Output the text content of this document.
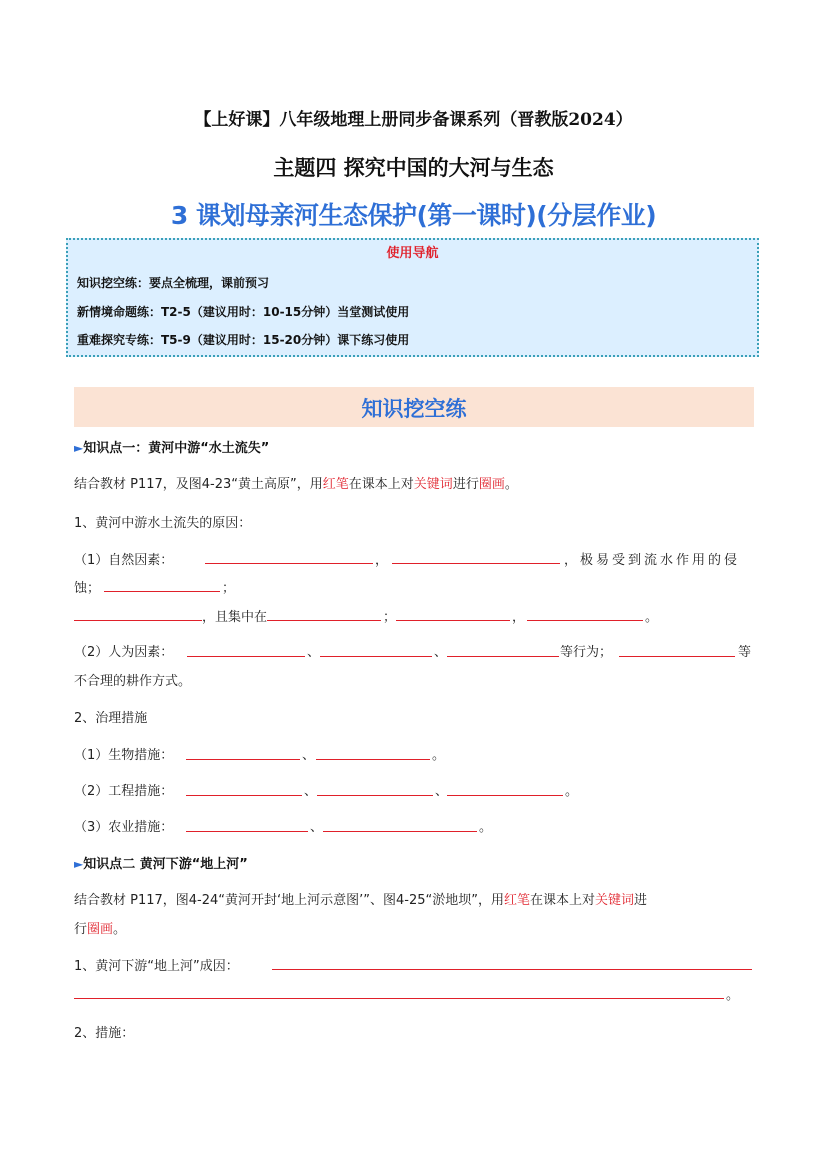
【上好课】八年级地理上册同步备课系列（晋教版2024）
主题四 探究中国的大河与生态
3 课划母亲河生态保护(第一课时)(分层作业)
使用导航
知识挖空练：要点全梳理，课前预习
新情境命题练：T2-5（建议用时：10-15分钟）当堂测试使用
重难探究专练：T5-9（建议用时：15-20分钟）课下练习使用
知识挖空练
►知识点一：黄河中游“水土流失”
结合教材 P117，及图4-23“黄土高原”，用红笔在课本上对关键词进行圈画。
1、黄河中游水土流失的原因：
（1）自然因素：	，	，极易受到流水作用的侵
蚀；	；
，且集中在	；	，	。
（2）人为因素：	、	、	等行为；	等
不合理的耕作方式。
2、治理措施
（1）生物措施：	、	。
（2）工程措施：	、	、	。
（3）农业措施：	、	。
►知识点二 黄河下游“地上河”
结合教材 P117，图4-24“黄河开封‘地上河示意图’”、图4-25“淤地坝”，用红笔在课本上对关键词进
行圈画。
1、黄河下游“地上河”成因：
。
2、措施：
